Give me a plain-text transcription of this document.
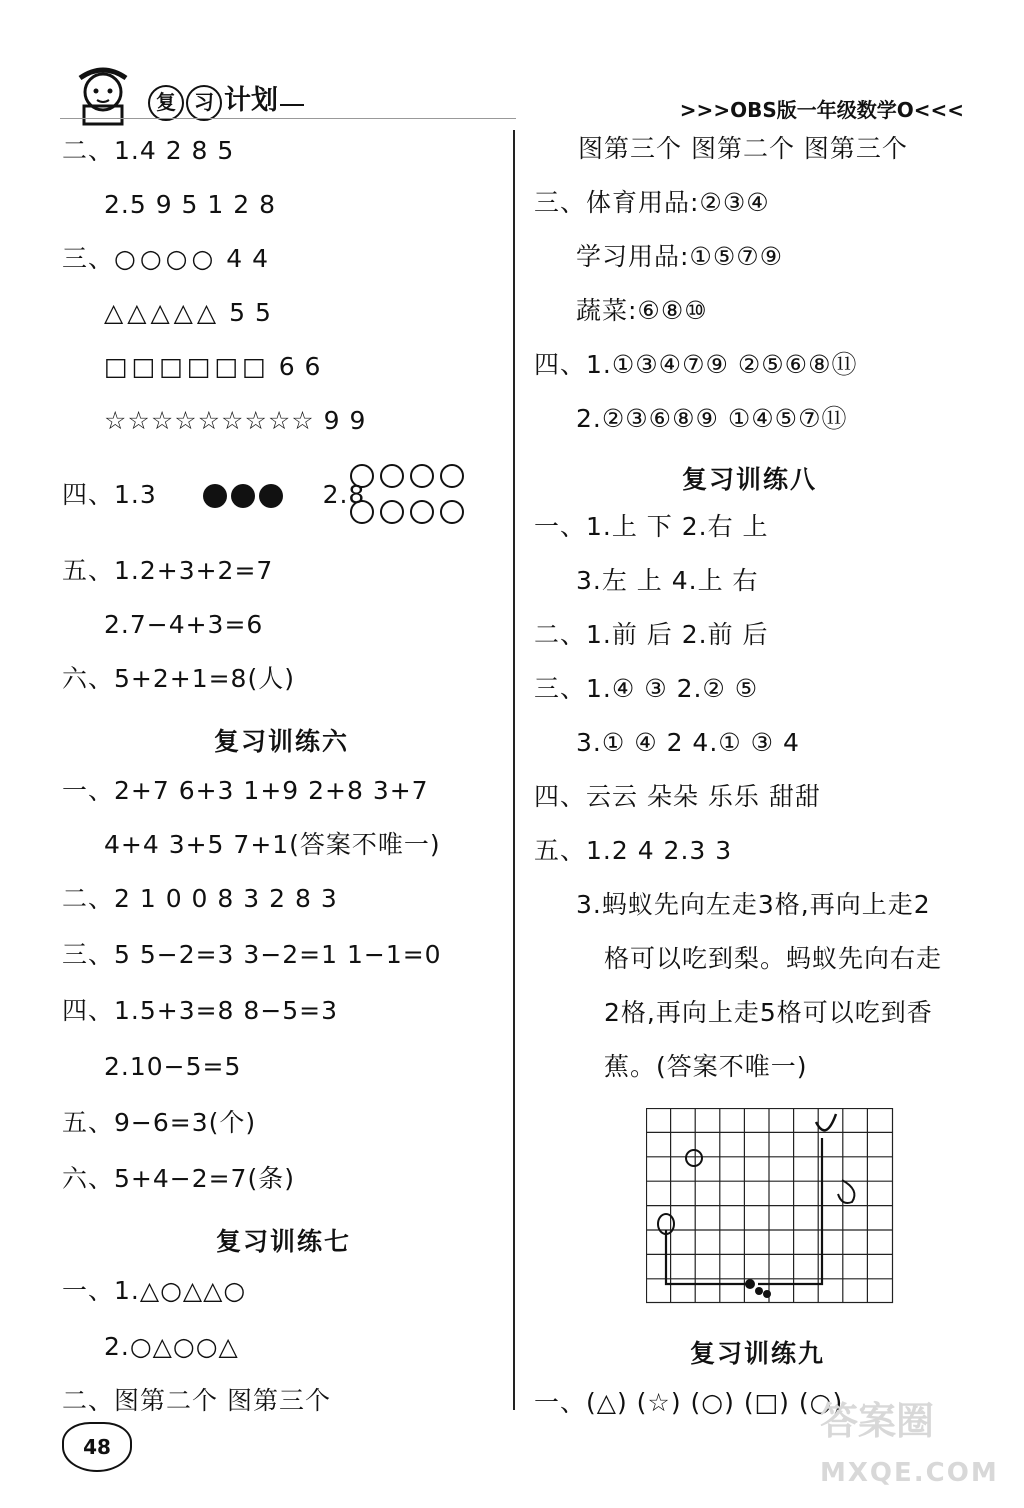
复 习 计划	>>>OBS版一年级数学O<<<
二、1.4 2 8 5
2.5 9 5 1 2 8
三、○○○○ 4 4
△△△△△ 5 5
□□□□□□ 6 6
☆☆☆☆☆☆☆☆☆ 9 9
四、1.3	2.8

五、1.2+3+2=7
2.7−4+3=6
六、5+2+1=8(人)
复习训练六
一、2+7 6+3 1+9 2+8 3+7
4+4 3+5 7+1(答案不唯一)
二、2 1 0 0 8 3 2 8 3
三、5 5−2=3 3−2=1 1−1=0
四、1.5+3=8 8−5=3
2.10−5=5
五、9−6=3(个)
六、5+4−2=7(条)
复习训练七
一、1.△○△△○
2.○△○○△
二、图第二个 图第三个
图第三个 图第二个 图第三个
三、体育用品:②③④
学习用品:①⑤⑦⑨
蔬菜:⑥⑧⑩
四、1.①③④⑦⑨ ②⑤⑥⑧⑪
2.②③⑥⑧⑨ ①④⑤⑦⑪
复习训练八
一、1.上 下 2.右 上
3.左 上 4.上 右
二、1.前 后 2.前 后
三、1.④ ③ 2.② ⑤
3.① ④ 2 4.① ③ 4
四、云云 朵朵 乐乐 甜甜
五、1.2 4 2.3 3
3.蚂蚁先向左走3格,再向上走2
格可以吃到梨。蚂蚁先向右走
2格,再向上走5格可以吃到香
蕉。(答案不唯一)
复习训练九
一、(△) (☆) (○) (□) (○)
48
答案圈
MXQE.COM
